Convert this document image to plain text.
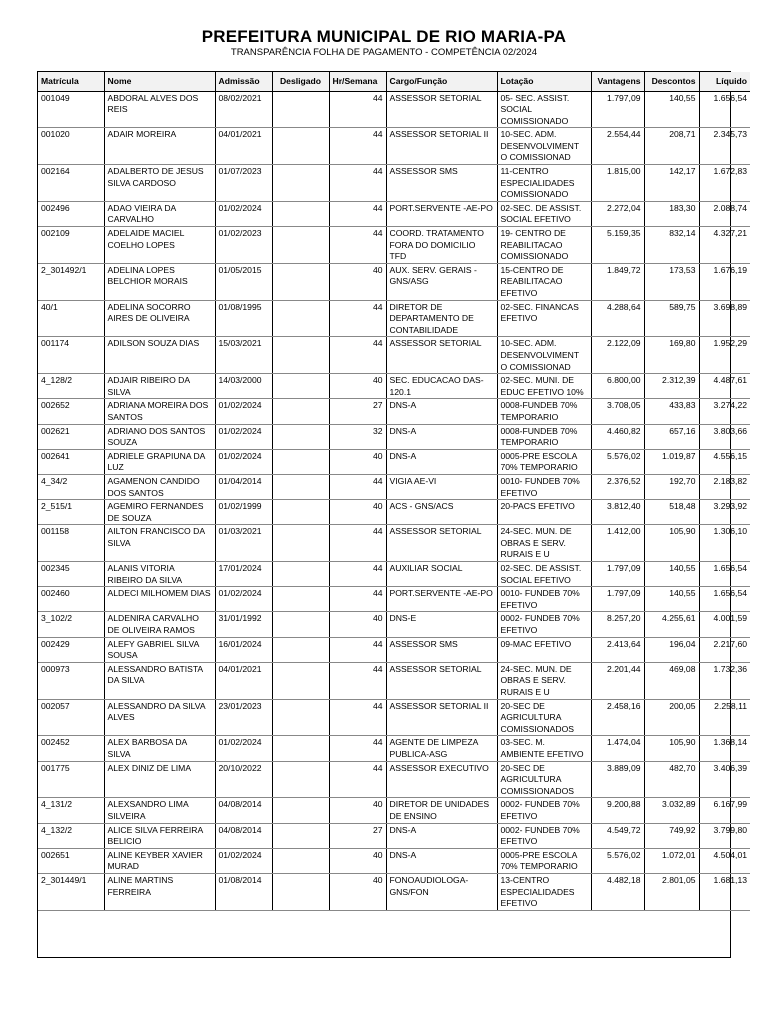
PREFEITURA MUNICIPAL DE RIO MARIA-PA
TRANSPARÊNCIA FOLHA DE PAGAMENTO - COMPETÊNCIA 02/2024
Matrícula	Nome	Admissão	Desligado	Hr/Semana	Cargo/Função	Lotação	Vantagens	Descontos	Líquido
001049	ABDORAL ALVES DOS REIS	08/02/2021		44	ASSESSOR SETORIAL	05- SEC. ASSIST. SOCIAL COMISSIONADO	1.797,09	140,55	1.656,54
001020	ADAIR MOREIRA	04/01/2021		44	ASSESSOR SETORIAL II	10-SEC. ADM. DESENVOLVIMENT O COMISSIONAD	2.554,44	208,71	2.345,73
002164	ADALBERTO DE JESUS SILVA CARDOSO	01/07/2023		44	ASSESSOR SMS	11-CENTRO ESPECIALIDADES COMISSIONADO	1.815,00	142,17	1.672,83
002496	ADAO VIEIRA DA CARVALHO	01/02/2024		44	PORT.SERVENTE -AE-PO	02-SEC. DE ASSIST. SOCIAL EFETIVO	2.272,04	183,30	2.088,74
002109	ADELAIDE MACIEL COELHO LOPES	01/02/2023		44	COORD. TRATAMENTO FORA DO DOMICILIO TFD	19- CENTRO DE REABILITACAO COMISSIONADO	5.159,35	832,14	4.327,21
2_301492/1	ADELINA LOPES BELCHIOR MORAIS	01/05/2015		40	AUX. SERV. GERAIS -GNS/ASG	15-CENTRO DE REABILITACAO EFETIVO	1.849,72	173,53	1.676,19
40/1	ADELINA SOCORRO AIRES DE OLIVEIRA	01/08/1995		44	DIRETOR DE DEPARTAMENTO DE CONTABILIDADE	02-SEC. FINANCAS EFETIVO	4.288,64	589,75	3.698,89
001174	ADILSON SOUZA DIAS	15/03/2021		44	ASSESSOR SETORIAL	10-SEC. ADM. DESENVOLVIMENT O COMISSIONAD	2.122,09	169,80	1.952,29
4_128/2	ADJAIR RIBEIRO DA SILVA	14/03/2000		40	SEC. EDUCACAO DAS-120.1	02-SEC. MUNI. DE EDUC EFETIVO 10%	6.800,00	2.312,39	4.487,61
002652	ADRIANA MOREIRA DOS SANTOS	01/02/2024		27	DNS-A	0008-FUNDEB 70% TEMPORARIO	3.708,05	433,83	3.274,22
002621	ADRIANO DOS SANTOS SOUZA	01/02/2024		32	DNS-A	0008-FUNDEB 70% TEMPORARIO	4.460,82	657,16	3.803,66
002641	ADRIELE GRAPIUNA DA LUZ	01/02/2024		40	DNS-A	0005-PRE ESCOLA 70% TEMPORARIO	5.576,02	1.019,87	4.556,15
4_34/2	AGAMENON CANDIDO DOS SANTOS	01/04/2014		44	VIGIA AE-VI	0010- FUNDEB 70% EFETIVO	2.376,52	192,70	2.183,82
2_515/1	AGEMIRO FERNANDES DE SOUZA	01/02/1999		40	ACS - GNS/ACS	20-PACS EFETIVO	3.812,40	518,48	3.293,92
001158	AILTON FRANCISCO DA SILVA	01/03/2021		44	ASSESSOR SETORIAL	24-SEC. MUN. DE OBRAS E SERV. RURAIS E U	1.412,00	105,90	1.306,10
002345	ALANIS VITORIA RIBEIRO DA SILVA	17/01/2024		44	AUXILIAR SOCIAL	02-SEC. DE ASSIST. SOCIAL EFETIVO	1.797,09	140,55	1.656,54
002460	ALDECI MILHOMEM DIAS	01/02/2024		44	PORT.SERVENTE -AE-PO	0010- FUNDEB 70% EFETIVO	1.797,09	140,55	1.656,54
3_102/2	ALDENIRA CARVALHO DE OLIVEIRA RAMOS	31/01/1992		40	DNS-E	0002- FUNDEB 70% EFETIVO	8.257,20	4.255,61	4.001,59
002429	ALEFY GABRIEL SILVA SOUSA	16/01/2024		44	ASSESSOR SMS	09-MAC EFETIVO	2.413,64	196,04	2.217,60
000973	ALESSANDRO BATISTA DA SILVA	04/01/2021		44	ASSESSOR SETORIAL	24-SEC. MUN. DE OBRAS E SERV. RURAIS E U	2.201,44	469,08	1.732,36
002057	ALESSANDRO DA SILVA ALVES	23/01/2023		44	ASSESSOR SETORIAL II	20-SEC DE AGRICULTURA COMISSIONADOS	2.458,16	200,05	2.258,11
002452	ALEX BARBOSA DA SILVA	01/02/2024		44	AGENTE DE LIMPEZA PUBLICA-ASG	03-SEC. M. AMBIENTE EFETIVO	1.474,04	105,90	1.368,14
001775	ALEX DINIZ DE LIMA	20/10/2022		44	ASSESSOR EXECUTIVO	20-SEC DE AGRICULTURA COMISSIONADOS	3.889,09	482,70	3.406,39
4_131/2	ALEXSANDRO LIMA SILVEIRA	04/08/2014		40	DIRETOR DE UNIDADES DE ENSINO	0002- FUNDEB 70% EFETIVO	9.200,88	3.032,89	6.167,99
4_132/2	ALICE SILVA FERREIRA BELICIO	04/08/2014		27	DNS-A	0002- FUNDEB 70% EFETIVO	4.549,72	749,92	3.799,80
002651	ALINE KEYBER XAVIER MURAD	01/02/2024		40	DNS-A	0005-PRE ESCOLA 70% TEMPORARIO	5.576,02	1.072,01	4.504,01
2_301449/1	ALINE MARTINS FERREIRA	01/08/2014		40	FONOAUDIOLOGA-GNS/FON	13-CENTRO ESPECIALIDADES EFETIVO	4.482,18	2.801,05	1.681,13
